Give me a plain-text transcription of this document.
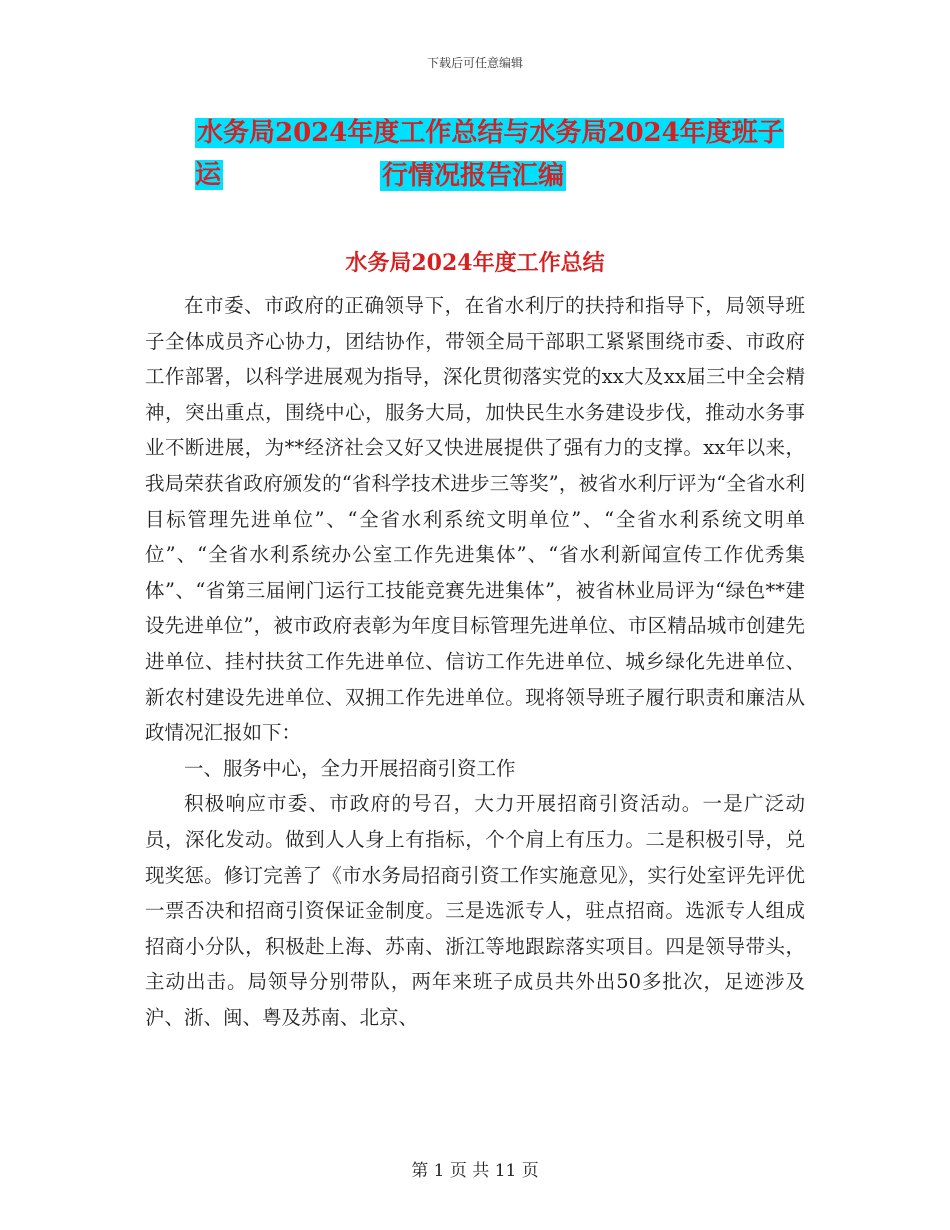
下载后可任意编辑
水务局2024年度工作总结与水务局2024年度班子运	行情况报告汇编
水务局2024年度工作总结

在市委、市政府的正确领导下，在省水利厅的扶持和指导下，局领导班子全体成员齐心协力，团结协作，带领全局干部职工紧紧围绕市委、市政府工作部署，以科学进展观为指导，深化贯彻落实党的xx大及xx届三中全会精神，突出重点，围绕中心，服务大局，加快民生水务建设步伐，推动水务事业不断进展，为**经济社会又好又快进展提供了强有力的支撑。xx年以来，我局荣获省政府颁发的“省科学技术进步三等奖”，被省水利厅评为“全省水利目标管理先进单位”、“全省水利系统文明单位”、“全省水利系统文明单位”、“全省水利系统办公室工作先进集体”、“省水利新闻宣传工作优秀集体”、“省第三届闸门运行工技能竞赛先进集体”，被省林业局评为“绿色**建设先进单位”，被市政府表彰为年度目标管理先进单位、市区精品城市创建先进单位、挂村扶贫工作先进单位、信访工作先进单位、城乡绿化先进单位、新农村建设先进单位、双拥工作先进单位。现将领导班子履行职责和廉洁从政情况汇报如下：

一、服务中心，全力开展招商引资工作

积极响应市委、市政府的号召，大力开展招商引资活动。一是广泛动员，深化发动。做到人人身上有指标，个个肩上有压力。二是积极引导，兑现奖惩。修订完善了《市水务局招商引资工作实施意见》，实行处室评先评优一票否决和招商引资保证金制度。三是选派专人，驻点招商。选派专人组成招商小分队，积极赴上海、苏南、浙江等地跟踪落实项目。四是领导带头，主动出击。局领导分别带队，两年来班子成员共外出50多批次，足迹涉及沪、浙、闽、粤及苏南、北京、

第 1 页 共 11 页
